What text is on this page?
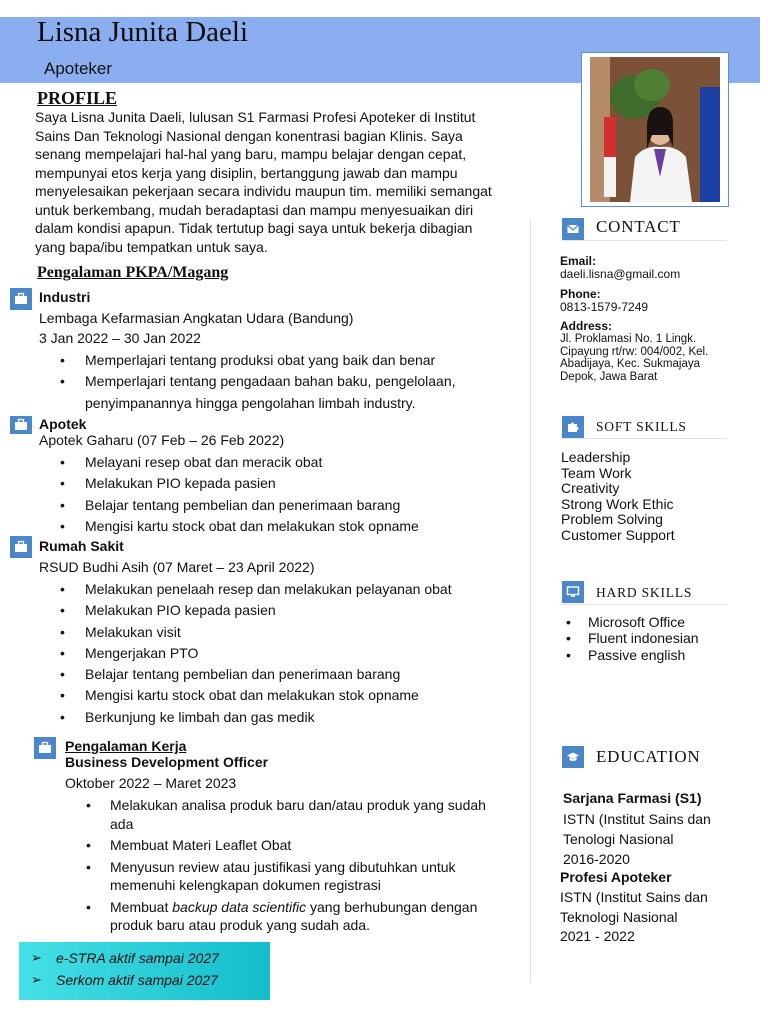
Lisna Junita Daeli
Apoteker
PROFILE
Saya Lisna Junita Daeli, lulusan S1 Farmasi Profesi Apoteker di Institut
Sains Dan Teknologi Nasional dengan konentrasi bagian Klinis. Saya
senang mempelajari hal-hal yang baru, mampu belajar dengan cepat,
mempunyai etos kerja yang disiplin, bertanggung jawab dan mampu
menyelesaikan pekerjaan secara individu maupun tim. memiliki semangat
untuk berkembang, mudah beradaptasi dan mampu menyesuaikan diri
dalam kondisi apapun. Tidak tertutup bagi saya untuk bekerja dibagian
yang bapa/ibu tempatkan untuk saya.
Pengalaman PKPA/Magang
Industri
Lembaga Kefarmasian Angkatan Udara (Bandung)
3 Jan 2022 – 30 Jan 2022
• Memperlajari tentang produksi obat yang baik dan benar
• Memperlajari tentang pengadaan bahan baku, pengelolaan,
penyimpanannya hingga pengolahan limbah industry.
Apotek
Apotek Gaharu (07 Feb – 26 Feb 2022)
• Melayani resep obat dan meracik obat
• Melakukan PIO kepada pasien
• Belajar tentang pembelian dan penerimaan barang
• Mengisi kartu stock obat dan melakukan stok opname
Rumah Sakit
RSUD Budhi Asih (07 Maret – 23 April 2022)
• Melakukan penelaah resep dan melakukan pelayanan obat
• Melakukan PIO kepada pasien
• Melakukan visit
• Mengerjakan PTO
• Belajar tentang pembelian dan penerimaan barang
• Mengisi kartu stock obat dan melakukan stok opname
• Berkunjung ke limbah dan gas medik
Pengalaman Kerja
Business Development Officer
Oktober 2022 – Maret 2023
• Melakukan analisa produk baru dan/atau produk yang sudah
ada
• Membuat Materi Leaflet Obat
• Menyusun review atau justifikasi yang dibutuhkan untuk
memenuhi kelengkapan dokumen registrasi
• Membuat backup data scientific yang berhubungan dengan
produk baru atau produk yang sudah ada.
➢ e-STRA aktif sampai 2027
➢ Serkom aktif sampai 2027
CONTACT
Email:
daeli.lisna@gmail.com
Phone:
0813-1579-7249
Address:
Jl. Proklamasi No. 1 Lingk.
Cipayung rt/rw: 004/002, Kel.
Abadijaya, Kec. Sukmajaya
Depok, Jawa Barat
SOFT SKILLS
Leadership
Team Work
Creativity
Strong Work Ethic
Problem Solving
Customer Support
HARD SKILLS
• Microsoft Office
• Fluent indonesian
• Passive english
EDUCATION
Sarjana Farmasi (S1)
ISTN (Institut Sains dan
Tenologi Nasional
2016-2020
Profesi Apoteker
ISTN (Institut Sains dan
Teknologi Nasional
2021 - 2022
